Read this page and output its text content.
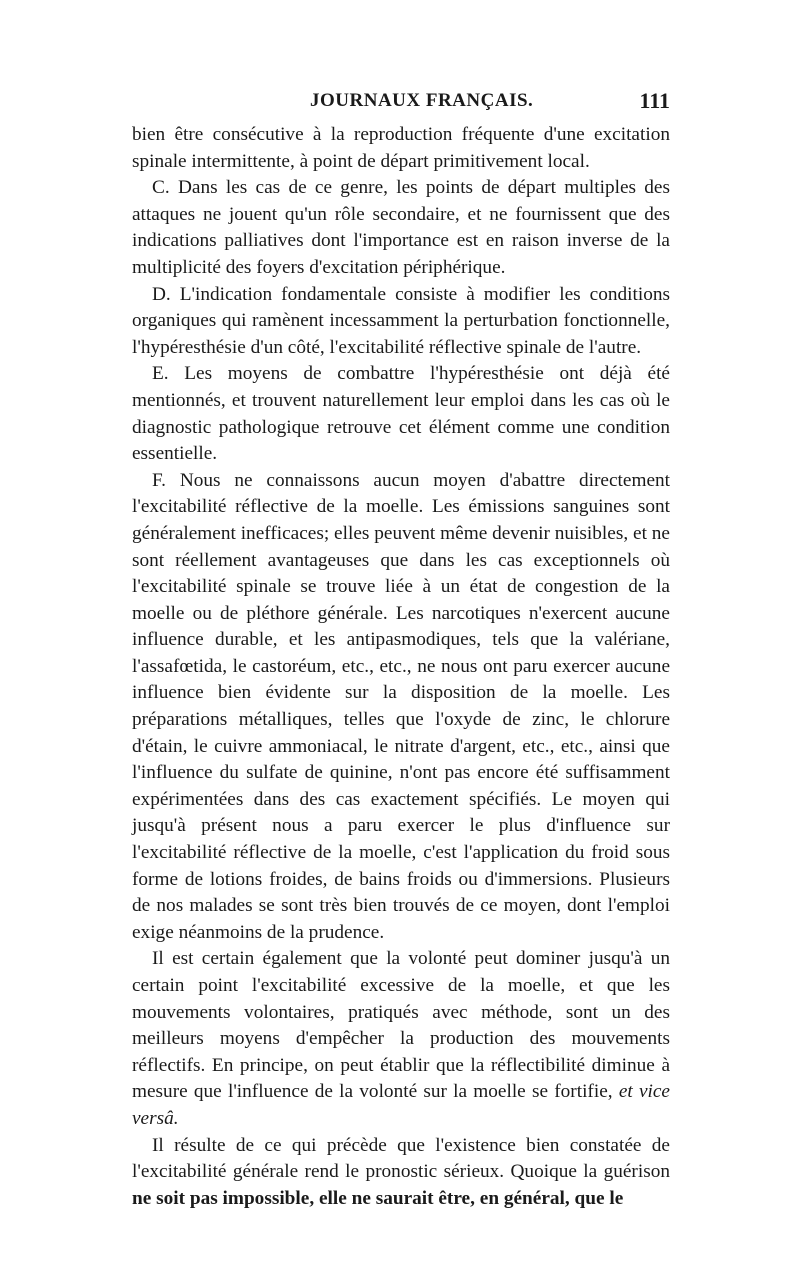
JOURNAUX FRANÇAIS.	111

bien être consécutive à la reproduction fréquente d'une excitation spinale intermittente, à point de départ primitivement local.

C. Dans les cas de ce genre, les points de départ multiples des attaques ne jouent qu'un rôle secondaire, et ne fournissent que des indications palliatives dont l'importance est en raison inverse de la multiplicité des foyers d'excitation périphérique.

D. L'indication fondamentale consiste à modifier les conditions organiques qui ramènent incessamment la perturbation fonctionnelle, l'hypéresthésie d'un côté, l'excitabilité réflective spinale de l'autre.

E. Les moyens de combattre l'hypéresthésie ont déjà été mentionnés, et trouvent naturellement leur emploi dans les cas où le diagnostic pathologique retrouve cet élément comme une condition essentielle.

F. Nous ne connaissons aucun moyen d'abattre directement l'excitabilité réflective de la moelle. Les émissions sanguines sont généralement inefficaces; elles peuvent même devenir nuisibles, et ne sont réellement avantageuses que dans les cas exceptionnels où l'excitabilité spinale se trouve liée à un état de congestion de la moelle ou de pléthore générale. Les narcotiques n'exercent aucune influence durable, et les antipasmodiques, tels que la valériane, l'assafœtida, le castoréum, etc., etc., ne nous ont paru exercer aucune influence bien évidente sur la disposition de la moelle. Les préparations métalliques, telles que l'oxyde de zinc, le chlorure d'étain, le cuivre ammoniacal, le nitrate d'argent, etc., etc., ainsi que l'influence du sulfate de quinine, n'ont pas encore été suffisamment expérimentées dans des cas exactement spécifiés. Le moyen qui jusqu'à présent nous a paru exercer le plus d'influence sur l'excitabilité réflective de la moelle, c'est l'application du froid sous forme de lotions froides, de bains froids ou d'immersions. Plusieurs de nos malades se sont très bien trouvés de ce moyen, dont l'emploi exige néanmoins de la prudence.

Il est certain également que la volonté peut dominer jusqu'à un certain point l'excitabilité excessive de la moelle, et que les mouvements volontaires, pratiqués avec méthode, sont un des meilleurs moyens d'empêcher la production des mouvements réflectifs. En principe, on peut établir que la réflectibilité diminue à mesure que l'influence de la volonté sur la moelle se fortifie, et vice versâ.

Il résulte de ce qui précède que l'existence bien constatée de l'excitabilité générale rend le pronostic sérieux. Quoique la guérison ne soit pas impossible, elle ne saurait être, en général, que le
